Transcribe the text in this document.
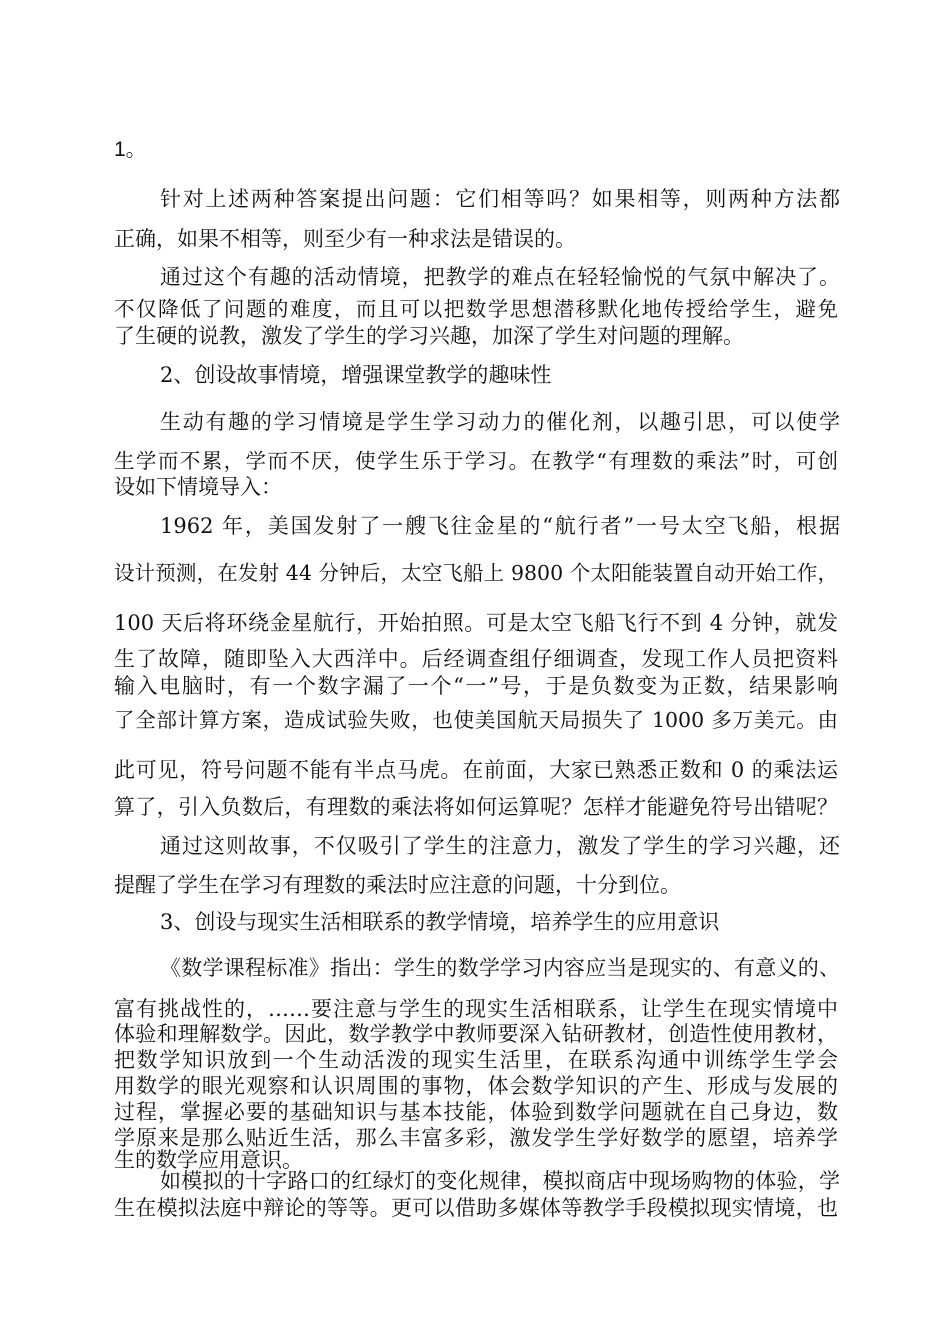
1。

针对上述两种答案提出问题：它们相等吗？如果相等，则两种方法都

正确，如果不相等，则至少有一种求法是错误的。

通过这个有趣的活动情境，把教学的难点在轻轻愉悦的气氛中解决了。

不仅降低了问题的难度，而且可以把数学思想潜移默化地传授给学生，避免

了生硬的说教，激发了学生的学习兴趣，加深了学生对问题的理解。

2、创设故事情境，增强课堂教学的趣味性

生动有趣的学习情境是学生学习动力的催化剂，以趣引思，可以使学

生学而不累，学而不厌，使学生乐于学习。在教学“有理数的乘法”时，可创

设如下情境导入：

1962 年，美国发射了一艘飞往金星的“航行者”一号太空飞船，根据

设计预测，在发射 44 分钟后，太空飞船上 9800 个太阳能装置自动开始工作，

100 天后将环绕金星航行，开始拍照。可是太空飞船飞行不到 4 分钟，就发

生了故障，随即坠入大西洋中。后经调查组仔细调查，发现工作人员把资料

输入电脑时，有一个数字漏了一个“一”号，于是负数变为正数，结果影响

了全部计算方案，造成试验失败，也使美国航天局损失了 1000 多万美元。由

此可见，符号问题不能有半点马虎。在前面，大家已熟悉正数和 0 的乘法运

算了，引入负数后，有理数的乘法将如何运算呢？怎样才能避免符号出错呢？

通过这则故事，不仅吸引了学生的注意力，激发了学生的学习兴趣，还

提醒了学生在学习有理数的乘法时应注意的问题，十分到位。

3、创设与现实生活相联系的教学情境，培养学生的应用意识

《数学课程标准》指出：学生的数学学习内容应当是现实的、有意义的、

富有挑战性的，……要注意与学生的现实生活相联系，让学生在现实情境中

体验和理解数学。因此，数学教学中教师要深入钻研教材，创造性使用教材，

把数学知识放到一个生动活泼的现实生活里，在联系沟通中训练学生学会

用数学的眼光观察和认识周围的事物，体会数学知识的产生、形成与发展的

过程，掌握必要的基础知识与基本技能，体验到数学问题就在自己身边，数

学原来是那么贴近生活，那么丰富多彩，激发学生学好数学的愿望，培养学

生的数学应用意识。

如模拟的十字路口的红绿灯的变化规律，模拟商店中现场购物的体验，学

生在模拟法庭中辩论的等等。更可以借助多媒体等教学手段模拟现实情境，也
